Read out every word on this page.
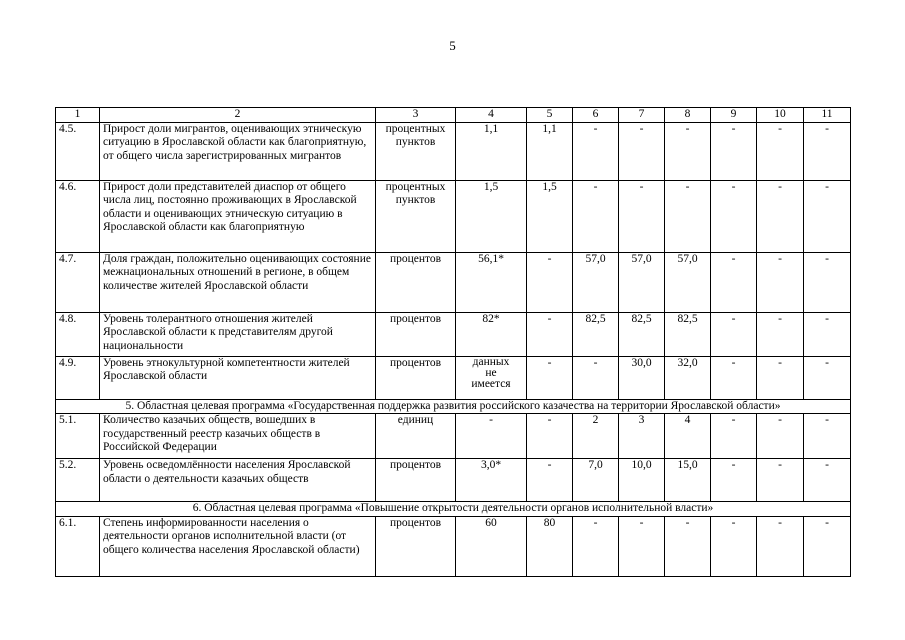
5
1	2	3	4	5	6	7	8	9	10	11
4.5.	Прирост доли мигрантов, оценивающих этническую ситуацию в Ярославской области как благоприятную, от общего числа зарегистрированных мигрантов	процентных пунктов	1,1	1,1	-	-	-	-	-	-
4.6.	Прирост доли представителей диаспор от общего числа лиц, постоянно проживающих в Ярославской области и оценивающих этническую ситуацию в Ярославской области как благоприятную	процентных пунктов	1,5	1,5	-	-	-	-	-	-
4.7.	Доля граждан, положительно оценивающих состояние межнациональных отношений в регионе, в общем количестве жителей Ярославской области	процентов	56,1*	-	57,0	57,0	57,0	-	-	-
4.8.	Уровень толерантного отношения жителей Ярославской области к представителям другой национальности	процентов	82*	-	82,5	82,5	82,5	-	-	-
4.9.	Уровень этнокультурной компетентности жителей Ярославской области	процентов	данных не имеется	-	-	30,0	32,0	-	-	-
5. Областная целевая программа «Государственная поддержка развития российского казачества на территории Ярославской области»										
5.1.	Количество казачьих обществ, вошедших в государственный реестр казачьих обществ в Российской Федерации	единиц	-	-	2	3	4	-	-	-
5.2.	Уровень осведомлённости населения Ярославской области о деятельности казачьих обществ	процентов	3,0*	-	7,0	10,0	15,0	-	-	-
6. Областная целевая программа «Повышение открытости деятельности органов исполнительной власти»										
6.1.	Степень информированности населения о деятельности органов исполнительной власти (от общего количества населения Ярославской области)	процентов	60	80	-	-	-	-	-	-
